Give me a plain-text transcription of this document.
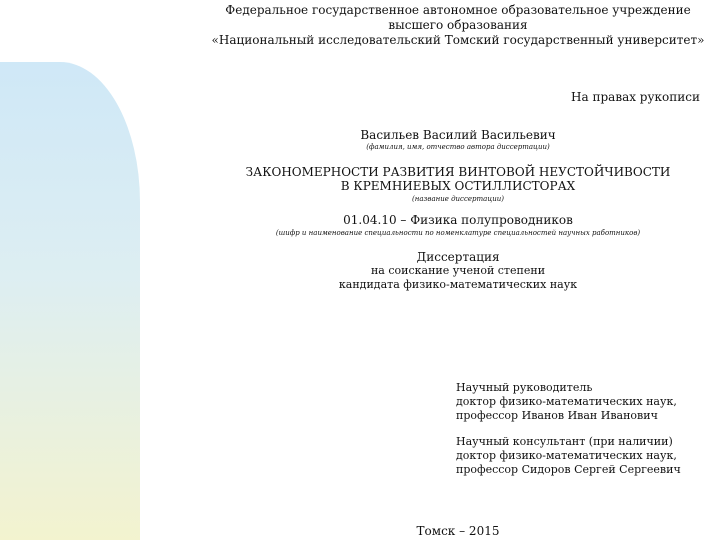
Федеральное государственное автономное образовательное учреждение
высшего образования
«Национальный исследовательский Томский государственный университет»
На правах рукописи
Васильев Василий Васильевич
(фамилия, имя, отчество автора диссертации)
ЗАКОНОМЕРНОСТИ РАЗВИТИЯ ВИНТОВОЙ НЕУСТОЙЧИВОСТИ
В КРЕМНИЕВЫХ ОСТИЛЛИСТОРАХ
(название диссертации)
01.04.10 – Физика полупроводников
(шифр и наименование специальности по номенклатуре специальностей научных работников)
Диссертация
на соискание ученой степени
кандидата физико-математических наук
Научный руководитель
доктор физико-математических наук,
профессор Иванов Иван Иванович
Научный консультант (при наличии)
доктор физико-математических наук,
профессор Сидоров Сергей Сергеевич
Томск – 2015
